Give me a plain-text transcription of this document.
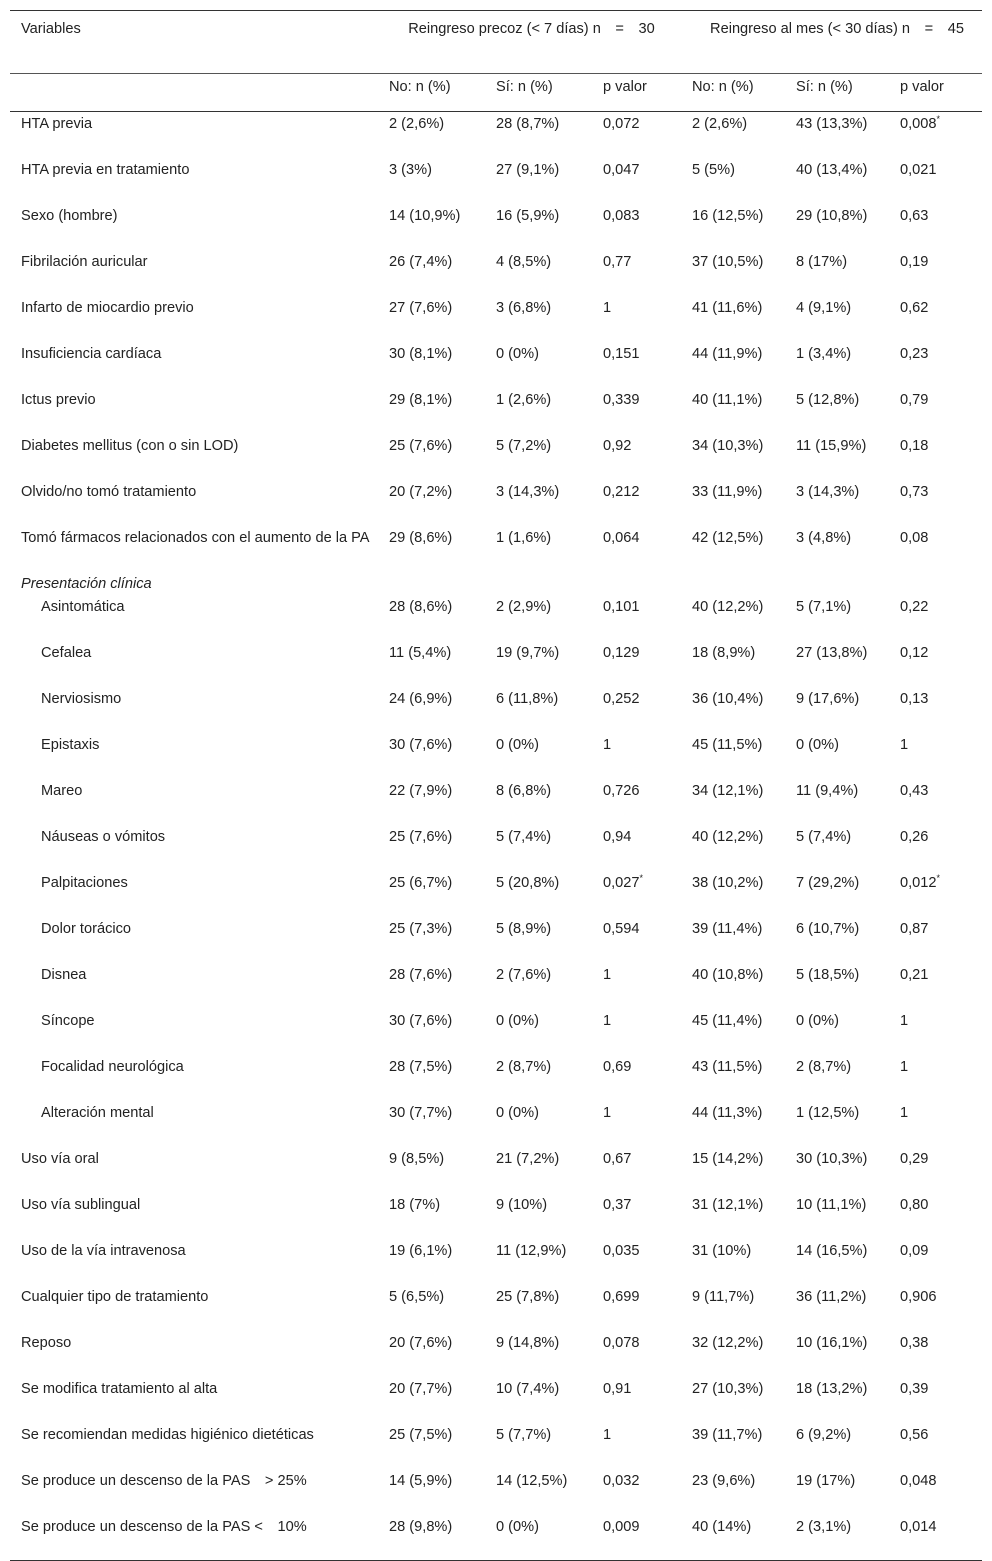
Variables	Reingreso precoz (< 7 días) n = 30			Reingreso al mes (< 30 días) n = 45		
	No: n (%)	Sí: n (%)	p valor	No: n (%)	Sí: n (%)	p valor
HTA previa	2 (2,6%)	28 (8,7%)	0,072	2 (2,6%)	43 (13,3%)	0,008*
HTA previa en tratamiento	3 (3%)	27 (9,1%)	0,047	5 (5%)	40 (13,4%)	0,021
Sexo (hombre)	14 (10,9%)	16 (5,9%)	0,083	16 (12,5%)	29 (10,8%)	0,63
Fibrilación auricular	26 (7,4%)	4 (8,5%)	0,77	37 (10,5%)	8 (17%)	0,19
Infarto de miocardio previo	27 (7,6%)	3 (6,8%)	1	41 (11,6%)	4 (9,1%)	0,62
Insuficiencia cardíaca	30 (8,1%)	0 (0%)	0,151	44 (11,9%)	1 (3,4%)	0,23
Ictus previo	29 (8,1%)	1 (2,6%)	0,339	40 (11,1%)	5 (12,8%)	0,79
Diabetes mellitus (con o sin LOD)	25 (7,6%)	5 (7,2%)	0,92	34 (10,3%)	11 (15,9%)	0,18
Olvido/no tomó tratamiento	20 (7,2%)	3 (14,3%)	0,212	33 (11,9%)	3 (14,3%)	0,73
Tomó fármacos relacionados con el aumento de la PA	29 (8,6%)	1 (1,6%)	0,064	42 (12,5%)	3 (4,8%)	0,08
Presentación clínica						
Asintomática	28 (8,6%)	2 (2,9%)	0,101	40 (12,2%)	5 (7,1%)	0,22
Cefalea	11 (5,4%)	19 (9,7%)	0,129	18 (8,9%)	27 (13,8%)	0,12
Nerviosismo	24 (6,9%)	6 (11,8%)	0,252	36 (10,4%)	9 (17,6%)	0,13
Epistaxis	30 (7,6%)	0 (0%)	1	45 (11,5%)	0 (0%)	1
Mareo	22 (7,9%)	8 (6,8%)	0,726	34 (12,1%)	11 (9,4%)	0,43
Náuseas o vómitos	25 (7,6%)	5 (7,4%)	0,94	40 (12,2%)	5 (7,4%)	0,26
Palpitaciones	25 (6,7%)	5 (20,8%)	0,027*	38 (10,2%)	7 (29,2%)	0,012*
Dolor torácico	25 (7,3%)	5 (8,9%)	0,594	39 (11,4%)	6 (10,7%)	0,87
Disnea	28 (7,6%)	2 (7,6%)	1	40 (10,8%)	5 (18,5%)	0,21
Síncope	30 (7,6%)	0 (0%)	1	45 (11,4%)	0 (0%)	1
Focalidad neurológica	28 (7,5%)	2 (8,7%)	0,69	43 (11,5%)	2 (8,7%)	1
Alteración mental	30 (7,7%)	0 (0%)	1	44 (11,3%)	1 (12,5%)	1
Uso vía oral	9 (8,5%)	21 (7,2%)	0,67	15 (14,2%)	30 (10,3%)	0,29
Uso vía sublingual	18 (7%)	9 (10%)	0,37	31 (12,1%)	10 (11,1%)	0,80
Uso de la vía intravenosa	19 (6,1%)	11 (12,9%)	0,035	31 (10%)	14 (16,5%)	0,09
Cualquier tipo de tratamiento	5 (6,5%)	25 (7,8%)	0,699	9 (11,7%)	36 (11,2%)	0,906
Reposo	20 (7,6%)	9 (14,8%)	0,078	32 (12,2%)	10 (16,1%)	0,38
Se modifica tratamiento al alta	20 (7,7%)	10 (7,4%)	0,91	27 (10,3%)	18 (13,2%)	0,39
Se recomiendan medidas higiénico dietéticas	25 (7,5%)	5 (7,7%)	1	39 (11,7%)	6 (9,2%)	0,56
Se produce un descenso de la PAS > 25%	14 (5,9%)	14 (12,5%)	0,032	23 (9,6%)	19 (17%)	0,048
Se produce un descenso de la PAS < 10%	28 (9,8%)	0 (0%)	0,009	40 (14%)	2 (3,1%)	0,014
